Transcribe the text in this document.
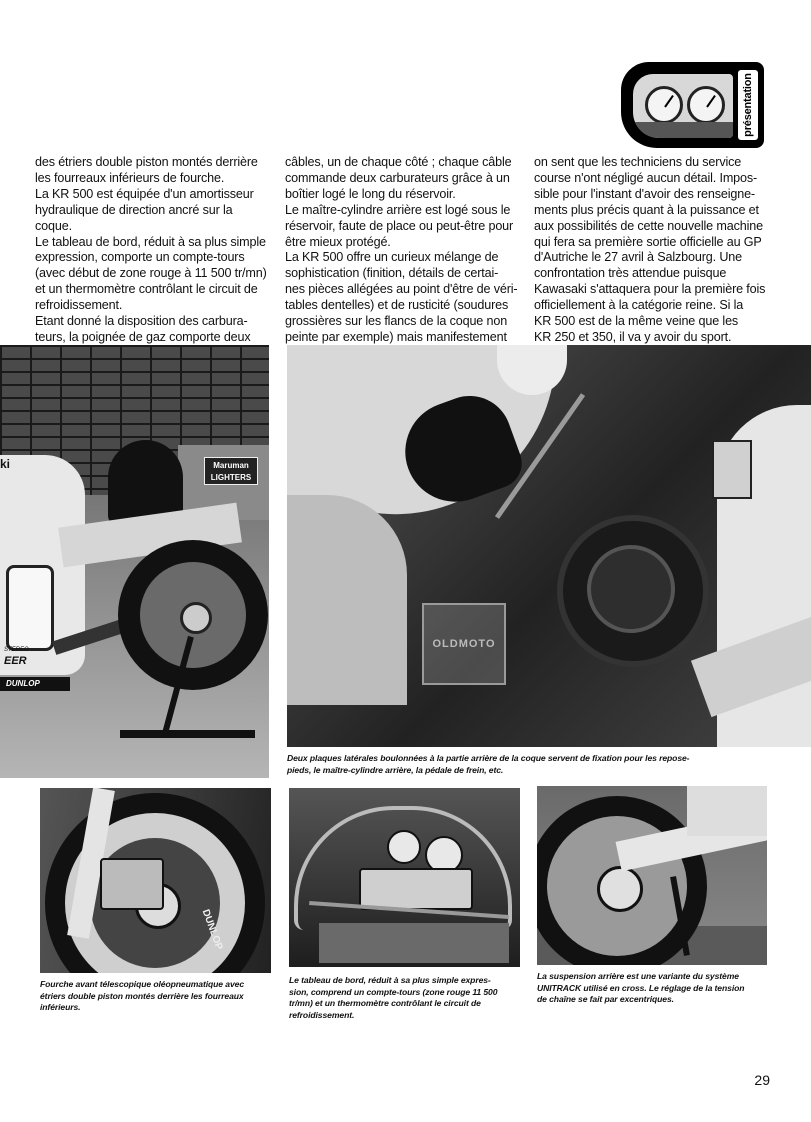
présentation

des étriers double piston montés derrière
les fourreaux inférieurs de fourche.
La KR 500 est équipée d'un amortisseur
hydraulique de direction ancré sur la
coque.
Le tableau de bord, réduit à sa plus simple
expression, comporte un compte-tours
(avec début de zone rouge à 11 500 tr/mn)
et un thermomètre contrôlant le circuit de
refroidissement.
Etant donné la disposition des carbura-
teurs, la poignée de gaz comporte deux

câbles, un de chaque côté ; chaque câble
commande deux carburateurs grâce à un
boîtier logé le long du réservoir.
Le maître-cylindre arrière est logé sous le
réservoir, faute de place ou peut-être pour
être mieux protégé.
La KR 500 offre un curieux mélange de
sophistication (finition, détails de certai-
nes pièces allégées au point d'être de véri-
tables dentelles) et de rusticité (soudures
grossières sur les flancs de la coque non
peinte par exemple) mais manifestement

on sent que les techniciens du service
course n'ont négligé aucun détail. Impos-
sible pour l'instant d'avoir des renseigne-
ments plus précis quant à la puissance et
aux possibilités de cette nouvelle machine
qui fera sa première sortie officielle au GP
d'Autriche le 27 avril à Salzbourg. Une
confrontation très attendue puisque
Kawasaki s'attaquera pour la première fois
officiellement à la catégorie reine. Si la
KR 500 est de la même veine que les
KR 250 et 350, il va y avoir du sport.

Maruman
LIGHTERS
ki
STEREO
EER
DUNLOP
OLDMOTO
Deux plaques latérales boulonnées à la partie arrière de la coque servent de fixation pour les repose-
pieds, le maître-cylindre arrière, la pédale de frein, etc.
DUNLOP
Fourche avant télescopique oléopneumatique avec
étriers double piston montés derrière les fourreaux
inférieurs.
Le tableau de bord, réduit à sa plus simple expres-
sion, comprend un compte-tours (zone rouge 11 500
tr/mn) et un thermomètre contrôlant le circuit de
refroidissement.
La suspension arrière est une variante du système
UNITRACK utilisé en cross. Le réglage de la tension
de chaîne se fait par excentriques.
29
